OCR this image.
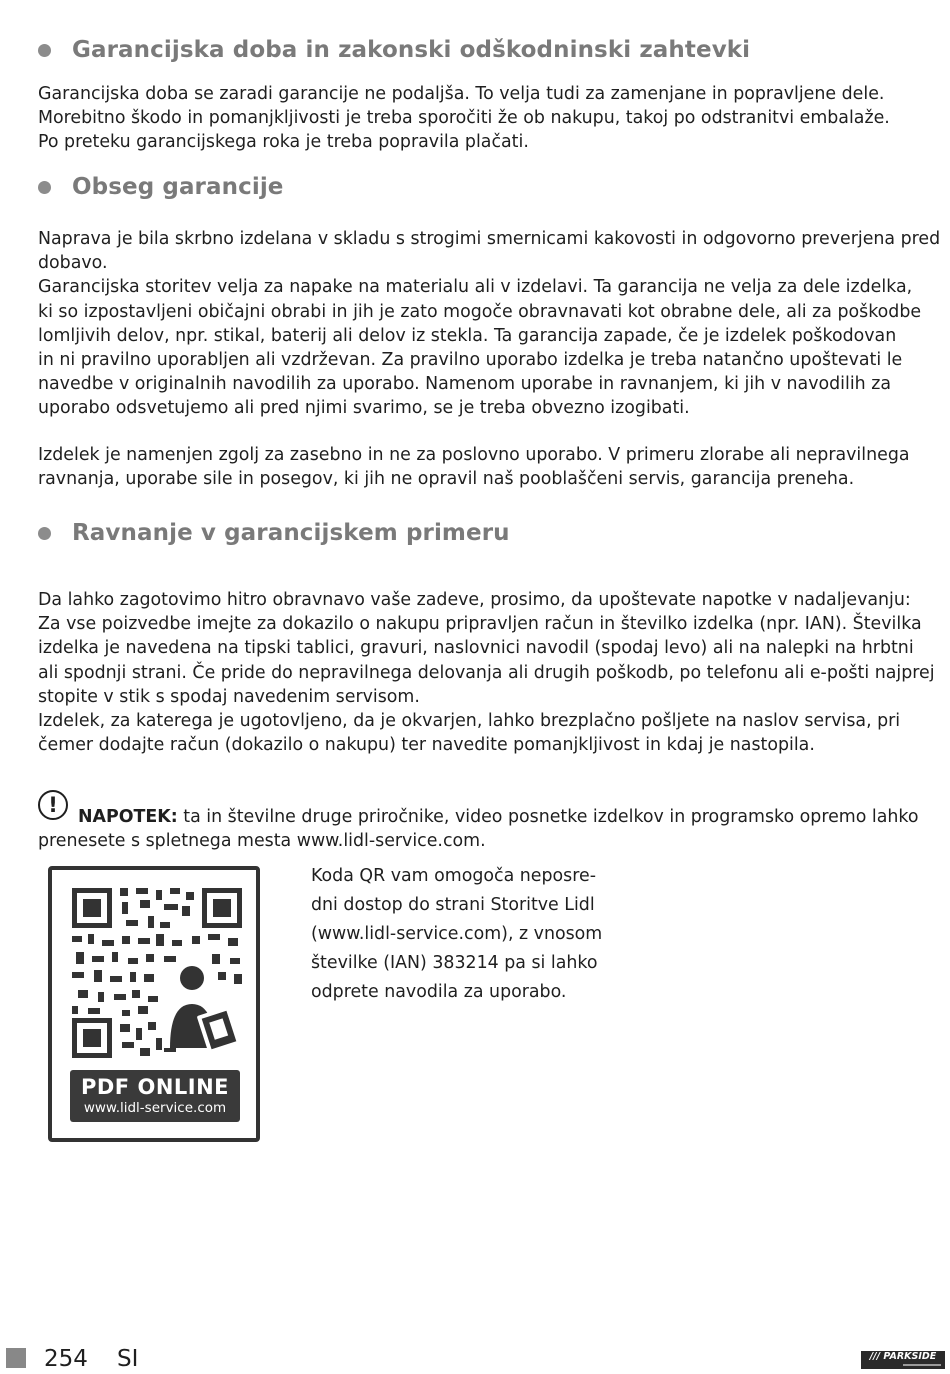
Garancijska doba in zakonski odškodninski zahtevki
Garancijska doba se zaradi garancije ne podaljša. To velja tudi za zamenjane in popravljene dele.
Morebitno škodo in pomanjkljivosti je treba sporočiti že ob nakupu, takoj po odstranitvi embalaže.
Po preteku garancijskega roka je treba popravila plačati.
Obseg garancije
Naprava je bila skrbno izdelana v skladu s strogimi smernicami kakovosti in odgovorno preverjena pred
dobavo.
Garancijska storitev velja za napake na materialu ali v izdelavi. Ta garancija ne velja za dele izdelka,
ki so izpostavljeni običajni obrabi in jih je zato mogoče obravnavati kot obrabne dele, ali za poškodbe
lomljivih delov, npr. stikal, baterij ali delov iz stekla. Ta garancija zapade, če je izdelek poškodovan
in ni pravilno uporabljen ali vzdrževan. Za pravilno uporabo izdelka je treba natančno upoštevati le
navedbe v originalnih navodilih za uporabo. Namenom uporabe in ravnanjem, ki jih v navodilih za
uporabo odsvetujemo ali pred njimi svarimo, se je treba obvezno izogibati.
Izdelek je namenjen zgolj za zasebno in ne za poslovno uporabo. V primeru zlorabe ali nepravilnega
ravnanja, uporabe sile in posegov, ki jih ne opravil naš pooblaščeni servis, garancija preneha.
Ravnanje v garancijskem primeru
Da lahko zagotovimo hitro obravnavo vaše zadeve, prosimo, da upoštevate napotke v nadaljevanju:
Za vse poizvedbe imejte za dokazilo o nakupu pripravljen račun in številko izdelka (npr. IAN). Številka
izdelka je navedena na tipski tablici, gravuri, naslovnici navodil (spodaj levo) ali na nalepki na hrbtni
ali spodnji strani. Če pride do nepravilnega delovanja ali drugih poškodb, po telefonu ali e-pošti najprej
stopite v stik s spodaj navedenim servisom.
Izdelek, za katerega je ugotovljeno, da je okvarjen, lahko brezplačno pošljete na naslov servisa, pri
čemer dodajte račun (dokazilo o nakupu) ter navedite pomanjkljivost in kdaj je nastopila.
!	NAPOTEK: ta in številne druge priročnike, video posnetke izdelkov in programsko opremo lahko
prenesete s spletnega mesta www.lidl-service.com.
PDF ONLINE
www.lidl-service.com
Koda QR vam omogoča neposre-
dni dostop do strani Storitve Lidl
(www.lidl-service.com), z vnosom
številke (IAN) 383214 pa si lahko
odprete navodila za uporabo.
254 SI	/// PARKSIDE
